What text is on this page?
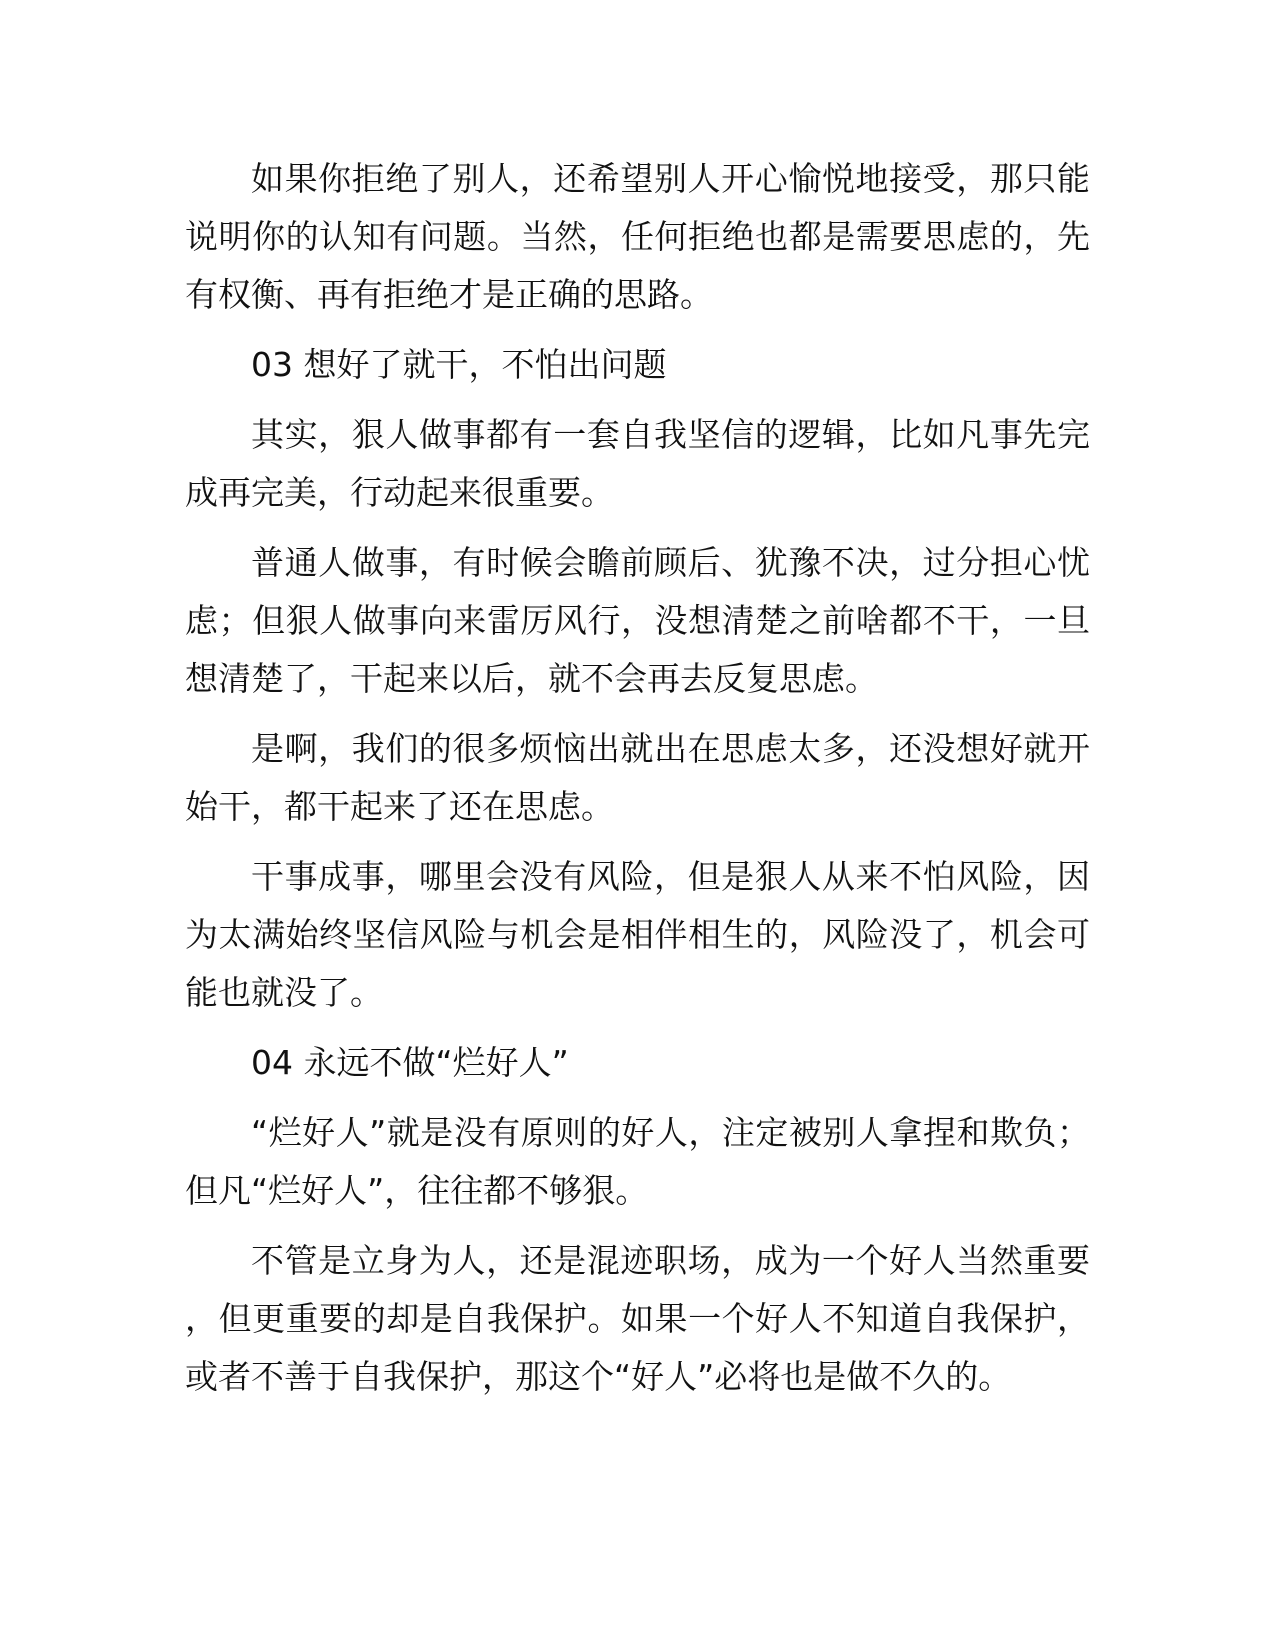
如果你拒绝了别人，还希望别人开心愉悦地接受，那只能说明你的认知有问题。当然，任何拒绝也都是需要思虑的，先有权衡、再有拒绝才是正确的思路。

03 想好了就干，不怕出问题

其实，狠人做事都有一套自我坚信的逻辑，比如凡事先完成再完美，行动起来很重要。

普通人做事，有时候会瞻前顾后、犹豫不决，过分担心忧虑；但狠人做事向来雷厉风行，没想清楚之前啥都不干，一旦想清楚了，干起来以后，就不会再去反复思虑。

是啊，我们的很多烦恼出就出在思虑太多，还没想好就开始干，都干起来了还在思虑。

干事成事，哪里会没有风险，但是狠人从来不怕风险，因为太满始终坚信风险与机会是相伴相生的，风险没了，机会可能也就没了。

04 永远不做“烂好人”

“烂好人”就是没有原则的好人，注定被别人拿捏和欺负；但凡“烂好人”，往往都不够狠。

不管是立身为人，还是混迹职场，成为一个好人当然重要，但更重要的却是自我保护。如果一个好人不知道自我保护，或者不善于自我保护，那这个“好人”必将也是做不久的。
